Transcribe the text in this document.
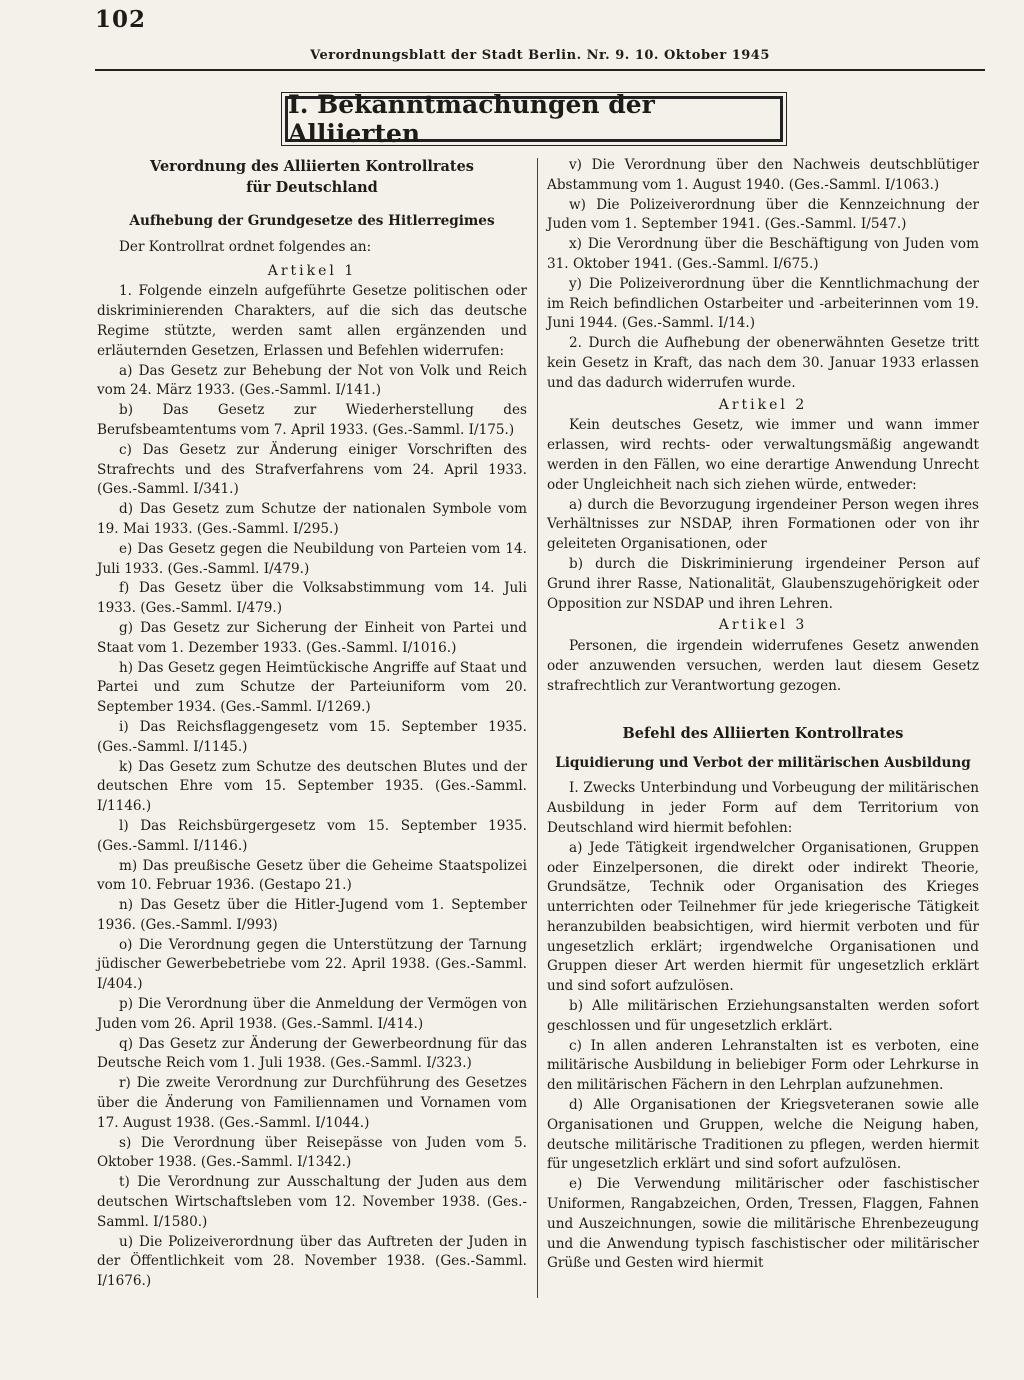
102
Verordnungsblatt der Stadt Berlin. Nr. 9. 10. Oktober 1945
I. Bekanntmachungen der Alliierten
Verordnung des Alliierten Kontrollrates
für Deutschland
Aufhebung der Grundgesetze des Hitlerregimes
Der Kontrollrat ordnet folgendes an:
Artikel 1

1. Folgende einzeln aufgeführte Gesetze politischen oder diskriminierenden Charakters, auf die sich das deutsche Regime stützte, werden samt allen ergänzenden und erläuternden Gesetzen, Erlassen und Befehlen widerrufen:

a) Das Gesetz zur Behebung der Not von Volk und Reich vom 24. März 1933. (Ges.-Samml. I/141.)

b) Das Gesetz zur Wiederherstellung des Berufsbeamtentums vom 7. April 1933. (Ges.-Samml. I/175.)

c) Das Gesetz zur Änderung einiger Vorschriften des Strafrechts und des Strafverfahrens vom 24. April 1933. (Ges.-Samml. I/341.)

d) Das Gesetz zum Schutze der nationalen Symbole vom 19. Mai 1933. (Ges.-Samml. I/295.)

e) Das Gesetz gegen die Neubildung von Parteien vom 14. Juli 1933. (Ges.-Samml. I/479.)

f) Das Gesetz über die Volksabstimmung vom 14. Juli 1933. (Ges.-Samml. I/479.)

g) Das Gesetz zur Sicherung der Einheit von Partei und Staat vom 1. Dezember 1933. (Ges.-Samml. I/1016.)

h) Das Gesetz gegen Heimtückische Angriffe auf Staat und Partei und zum Schutze der Parteiuniform vom 20. September 1934. (Ges.-Samml. I/1269.)

i) Das Reichsflaggengesetz vom 15. September 1935. (Ges.-Samml. I/1145.)

k) Das Gesetz zum Schutze des deutschen Blutes und der deutschen Ehre vom 15. September 1935. (Ges.-Samml. I/1146.)

l) Das Reichsbürgergesetz vom 15. September 1935. (Ges.-Samml. I/1146.)

m) Das preußische Gesetz über die Geheime Staatspolizei vom 10. Februar 1936. (Gestapo 21.)

n) Das Gesetz über die Hitler-Jugend vom 1. September 1936. (Ges.-Samml. I/993)

o) Die Verordnung gegen die Unterstützung der Tarnung jüdischer Gewerbebetriebe vom 22. April 1938. (Ges.-Samml. I/404.)

p) Die Verordnung über die Anmeldung der Vermögen von Juden vom 26. April 1938. (Ges.-Samml. I/414.)

q) Das Gesetz zur Änderung der Gewerbeordnung für das Deutsche Reich vom 1. Juli 1938. (Ges.-Samml. I/323.)

r) Die zweite Verordnung zur Durchführung des Gesetzes über die Änderung von Familiennamen und Vornamen vom 17. August 1938. (Ges.-Samml. I/1044.)

s) Die Verordnung über Reisepässe von Juden vom 5. Oktober 1938. (Ges.-Samml. I/1342.)

t) Die Verordnung zur Ausschaltung der Juden aus dem deutschen Wirtschaftsleben vom 12. November 1938. (Ges.-Samml. I/1580.)

u) Die Polizeiverordnung über das Auftreten der Juden in der Öffentlichkeit vom 28. November 1938. (Ges.-Samml. I/1676.)

v) Die Verordnung über den Nachweis deutschblütiger Abstammung vom 1. August 1940. (Ges.-Samml. I/1063.)

w) Die Polizeiverordnung über die Kennzeichnung der Juden vom 1. September 1941. (Ges.-Samml. I/547.)

x) Die Verordnung über die Beschäftigung von Juden vom 31. Oktober 1941. (Ges.-Samml. I/675.)

y) Die Polizeiverordnung über die Kenntlichmachung der im Reich befindlichen Ostarbeiter und -arbeiterinnen vom 19. Juni 1944. (Ges.-Samml. I/14.)

2. Durch die Aufhebung der obenerwähnten Gesetze tritt kein Gesetz in Kraft, das nach dem 30. Januar 1933 erlassen und das dadurch widerrufen wurde.

Artikel 2

Kein deutsches Gesetz, wie immer und wann immer erlassen, wird rechts- oder verwaltungsmäßig angewandt werden in den Fällen, wo eine derartige Anwendung Unrecht oder Ungleichheit nach sich ziehen würde, entweder:

a) durch die Bevorzugung irgendeiner Person wegen ihres Verhältnisses zur NSDAP, ihren Formationen oder von ihr geleiteten Organisationen, oder

b) durch die Diskriminierung irgendeiner Person auf Grund ihrer Rasse, Nationalität, Glaubenszugehörigkeit oder Opposition zur NSDAP und ihren Lehren.

Artikel 3

Personen, die irgendein widerrufenes Gesetz anwenden oder anzuwenden versuchen, werden laut diesem Gesetz strafrechtlich zur Verantwortung gezogen.

Befehl des Alliierten Kontrollrates
Liquidierung und Verbot der militärischen Ausbildung

I. Zwecks Unterbindung und Vorbeugung der militärischen Ausbildung in jeder Form auf dem Territorium von Deutschland wird hiermit befohlen:

a) Jede Tätigkeit irgendwelcher Organisationen, Gruppen oder Einzelpersonen, die direkt oder indirekt Theorie, Grundsätze, Technik oder Organisation des Krieges unterrichten oder Teilnehmer für jede kriegerische Tätigkeit heranzubilden beabsichtigen, wird hiermit verboten und für ungesetzlich erklärt; irgendwelche Organisationen und Gruppen dieser Art werden hiermit für ungesetzlich erklärt und sind sofort aufzulösen.

b) Alle militärischen Erziehungsanstalten werden sofort geschlossen und für ungesetzlich erklärt.

c) In allen anderen Lehranstalten ist es verboten, eine militärische Ausbildung in beliebiger Form oder Lehrkurse in den militärischen Fächern in den Lehrplan aufzunehmen.

d) Alle Organisationen der Kriegsveteranen sowie alle Organisationen und Gruppen, welche die Neigung haben, deutsche militärische Traditionen zu pflegen, werden hiermit für ungesetzlich erklärt und sind sofort aufzulösen.

e) Die Verwendung militärischer oder faschistischer Uniformen, Rangabzeichen, Orden, Tressen, Flaggen, Fahnen und Auszeichnungen, sowie die militärische Ehrenbezeugung und die Anwendung typisch faschistischer oder militärischer Grüße und Gesten wird hiermit
